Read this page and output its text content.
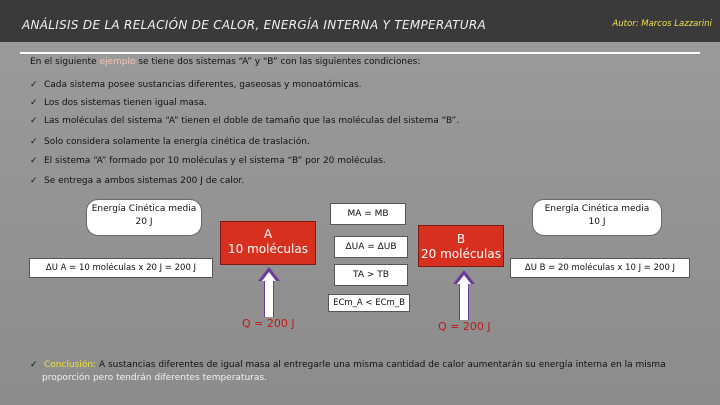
ANÁLISIS DE LA RELACIÓN DE CALOR, ENERGÍA INTERNA Y TEMPERATURA	Autor: Marcos Lazzarini
En el siguiente ejemplo se tiene dos sistemas “A” y “B” con las siguientes condiciones:
✓ Cada sistema posee sustancias diferentes, gaseosas y monoatómicas.
✓ Los dos sistemas tienen igual masa.
✓ Las moléculas del sistema “A” tienen el doble de tamaño que las moléculas del sistema “B”.
✓ Solo considera solamente la energía cinética de traslación.
✓ El sistema “A” formado por 10 moléculas y el sistema “B” por 20 moléculas.
✓ Se entrega a ambos sistemas 200 J de calor.
Energía Cinética media
20 J
ΔU A = 10 moléculas x 20 J = 200 J
A
10 moléculas
MA = MB
ΔUA = ΔUB
TA > TB
B
20 moléculas
Energía Cinética media
10 J
ΔU B = 20 moléculas x 10 J = 200 J
ECm_A < ECm_B
Q = 200 J	Q = 200 J
✓ Conclusión: A sustancias diferentes de igual masa al entregarle una misma cantidad de calor aumentarán su energía interna en la misma
proporción pero tendrán diferentes temperaturas.
